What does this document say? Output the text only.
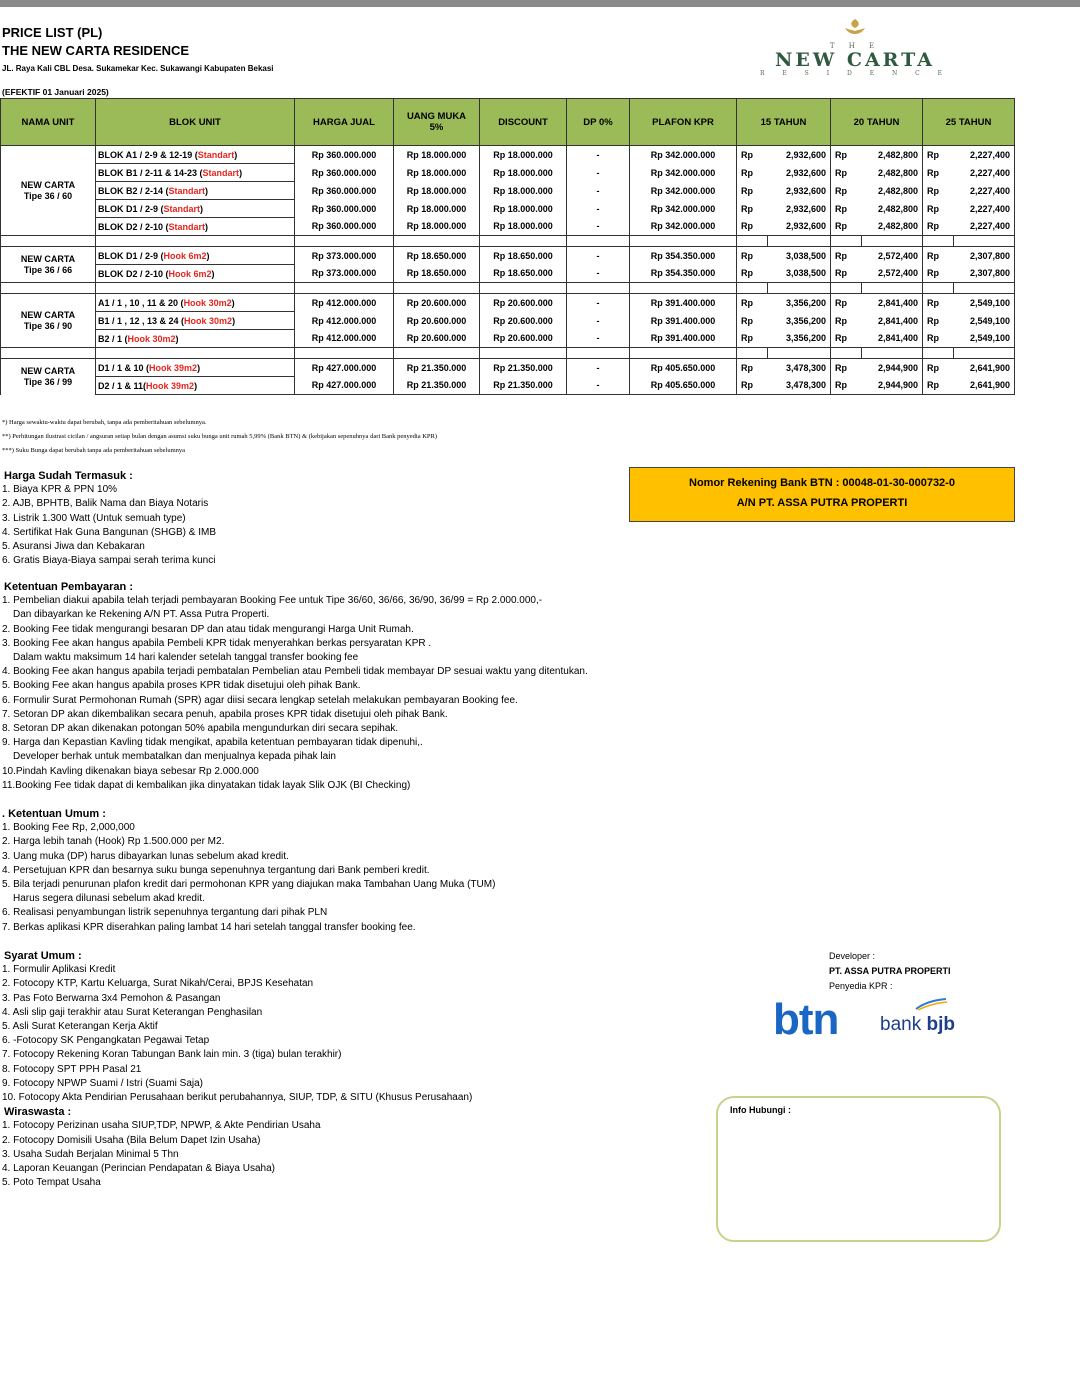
PRICE LIST (PL)
THE NEW CARTA RESIDENCE
JL. Raya Kali CBL Desa. Sukamekar Kec. Sukawangi Kabupaten Bekasi
(EFEKTIF 01 Januari 2025)
T H E
NEW CARTA
R E S I D E N C E
NAMA UNIT	BLOK UNIT	HARGA JUAL	UANG MUKA
5%	DISCOUNT	DP 0%	PLAFON KPR	15 TAHUN		20 TAHUN		25 TAHUN	
NEW CARTA
Tipe 36 / 60	BLOK A1 / 2-9 & 12-19 (Standart)	Rp 360.000.000	Rp 18.000.000	Rp 18.000.000	-	Rp 342.000.000	Rp	2,932,600	Rp	2,482,800	Rp	2,227,400
	BLOK B1 / 2-11 & 14-23 (Standart)	Rp 360.000.000	Rp 18.000.000	Rp 18.000.000	-	Rp 342.000.000	Rp	2,932,600	Rp	2,482,800	Rp	2,227,400
	BLOK B2 / 2-14 (Standart)	Rp 360.000.000	Rp 18.000.000	Rp 18.000.000	-	Rp 342.000.000	Rp	2,932,600	Rp	2,482,800	Rp	2,227,400
	BLOK D1 / 2-9 (Standart)	Rp 360.000.000	Rp 18.000.000	Rp 18.000.000	-	Rp 342.000.000	Rp	2,932,600	Rp	2,482,800	Rp	2,227,400
	BLOK D2 / 2-10 (Standart)	Rp 360.000.000	Rp 18.000.000	Rp 18.000.000	-	Rp 342.000.000	Rp	2,932,600	Rp	2,482,800	Rp	2,227,400

NEW CARTA
Tipe 36 / 66	BLOK D1 / 2-9 (Hook 6m2)	Rp 373.000.000	Rp 18.650.000	Rp 18.650.000	-	Rp 354.350.000	Rp	3,038,500	Rp	2,572,400	Rp	2,307,800
	BLOK D2 / 2-10 (Hook 6m2)	Rp 373.000.000	Rp 18.650.000	Rp 18.650.000	-	Rp 354.350.000	Rp	3,038,500	Rp	2,572,400	Rp	2,307,800

NEW CARTA
Tipe 36 / 90	A1 / 1 , 10 , 11 & 20 (Hook 30m2)	Rp 412.000.000	Rp 20.600.000	Rp 20.600.000	-	Rp 391.400.000	Rp	3,356,200	Rp	2,841,400	Rp	2,549,100
	B1 / 1 , 12 , 13 & 24 (Hook 30m2)	Rp 412.000.000	Rp 20.600.000	Rp 20.600.000	-	Rp 391.400.000	Rp	3,356,200	Rp	2,841,400	Rp	2,549,100
	B2 / 1 (Hook 30m2)	Rp 412.000.000	Rp 20.600.000	Rp 20.600.000	-	Rp 391.400.000	Rp	3,356,200	Rp	2,841,400	Rp	2,549,100

NEW CARTA
Tipe 36 / 99	D1 / 1 & 10 (Hook 39m2)	Rp 427.000.000	Rp 21.350.000	Rp 21.350.000	-	Rp 405.650.000	Rp	3,478,300	Rp	2,944,900	Rp	2,641,900
	D2 / 1 & 11(Hook 39m2)	Rp 427.000.000	Rp 21.350.000	Rp 21.350.000	-	Rp 405.650.000	Rp	3,478,300	Rp	2,944,900	Rp	2,641,900
*) Harga sewaktu-waktu dapat berubah, tanpa ada pemberitahuan sebelumnya.
**) Perhitungan ilustrasi cicilan / angsuran setiap bulan dengan asumsi suku bunga unit rumah 5,99% (Bank BTN) & (kebijakan sepenuhnya dari Bank penyedia KPR)
***) Suku Bunga dapat berubah tanpa ada pemberitahuan sebelumnya
Harga Sudah Termasuk :
1. Biaya KPR & PPN 10%
2. AJB, BPHTB, Balik Nama dan Biaya Notaris
3. Listrik 1.300 Watt (Untuk semuah type)
4. Sertifikat Hak Guna Bangunan (SHGB) & IMB
5. Asuransi Jiwa dan Kebakaran
6. Gratis Biaya-Biaya sampai serah terima kunci
Nomor Rekening Bank BTN : 00048-01-30-000732-0
A/N PT. ASSA PUTRA PROPERTI
Ketentuan Pembayaran :
1. Pembelian diakui apabila telah terjadi pembayaran Booking Fee untuk Tipe 36/60, 36/66, 36/90, 36/99 = Rp 2.000.000,-
Dan dibayarkan ke Rekening A/N PT. Assa Putra Properti.
2. Booking Fee tidak mengurangi besaran DP dan atau tidak mengurangi Harga Unit Rumah.
3. Booking Fee akan hangus apabila Pembeli KPR tidak menyerahkan berkas persyaratan KPR .
Dalam waktu maksimum 14 hari kalender setelah tanggal transfer booking fee
4. Booking Fee akan hangus apabila terjadi pembatalan Pembelian atau Pembeli tidak membayar DP sesuai waktu yang ditentukan.
5. Booking Fee akan hangus apabila proses KPR tidak disetujui oleh pihak Bank.
6. Formulir Surat Permohonan Rumah (SPR) agar diisi secara lengkap setelah melakukan pembayaran Booking fee.
7. Setoran DP akan dikembalikan secara penuh, apabila proses KPR tidak disetujui oleh pihak Bank.
8. Setoran DP akan dikenakan potongan 50% apabila mengundurkan diri secara sepihak.
9. Harga dan Kepastian Kavling tidak mengikat, apabila ketentuan pembayaran tidak dipenuhi,.
Developer berhak untuk membatalkan dan menjualnya kepada pihak lain
10.Pindah Kavling dikenakan biaya sebesar Rp 2.000.000
11.Booking Fee tidak dapat di kembalikan jika dinyatakan tidak layak Slik OJK (BI Checking)
. Ketentuan Umum :
1. Booking Fee Rp, 2,000,000
2. Harga lebih tanah (Hook) Rp 1.500.000 per M2.
3. Uang muka (DP) harus dibayarkan lunas sebelum akad kredit.
4. Persetujuan KPR dan besarnya suku bunga sepenuhnya tergantung dari Bank pemberi kredit.
5. Bila terjadi penurunan plafon kredit dari permohonan KPR yang diajukan maka Tambahan Uang Muka (TUM)
Harus segera dilunasi sebelum akad kredit.
6. Realisasi penyambungan listrik sepenuhnya tergantung dari pihak PLN
7. Berkas aplikasi KPR diserahkan paling lambat 14 hari setelah tanggal transfer booking fee.
Syarat Umum :
1. Formulir Aplikasi Kredit
2. Fotocopy KTP, Kartu Keluarga, Surat Nikah/Cerai, BPJS Kesehatan
3. Pas Foto Berwarna 3x4 Pemohon & Pasangan
4. Asli slip gaji terakhir atau Surat Keterangan Penghasilan
5. Asli Surat Keterangan Kerja Aktif
6. -Fotocopy SK Pengangkatan Pegawai Tetap
7. Fotocopy Rekening Koran Tabungan Bank lain min. 3 (tiga) bulan terakhir)
8. Fotocopy SPT PPH Pasal 21
9. Fotocopy NPWP Suami / Istri (Suami Saja)
10. Fotocopy Akta Pendirian Perusahaan berikut perubahannya, SIUP, TDP, & SITU (Khusus Perusahaan)
Wiraswasta :
1. Fotocopy Perizinan usaha SIUP,TDP, NPWP, & Akte Pendirian Usaha
2. Fotocopy Domisili Usaha (Bila Belum Dapet Izin Usaha)
3. Usaha Sudah Berjalan Minimal 5 Thn
4. Laporan Keuangan (Perincian Pendapatan & Biaya Usaha)
5. Poto Tempat Usaha
Developer :
PT. ASSA PUTRA PROPERTI
Penyedia KPR :
btn bank bjb
Info Hubungi :
